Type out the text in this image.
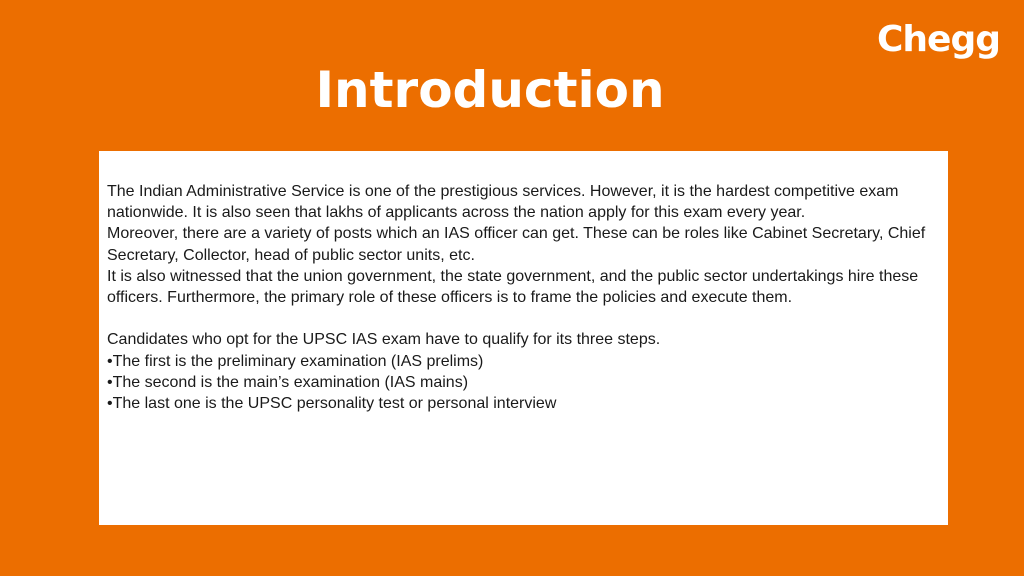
Chegg
Introduction

The Indian Administrative Service is one of the prestigious services. However, it is the hardest competitive exam nationwide. It is also seen that lakhs of applicants across the nation apply for this exam every year.

Moreover, there are a variety of posts which an IAS officer can get. These can be roles like Cabinet Secretary, Chief Secretary, Collector, head of public sector units, etc.

It is also witnessed that the union government, the state government, and the public sector undertakings hire these officers. Furthermore, the primary role of these officers is to frame the policies and execute them.

Candidates who opt for the UPSC IAS exam have to qualify for its three steps.

•The first is the preliminary examination (IAS prelims)

•The second is the main’s examination (IAS mains)

•The last one is the UPSC personality test or personal interview
